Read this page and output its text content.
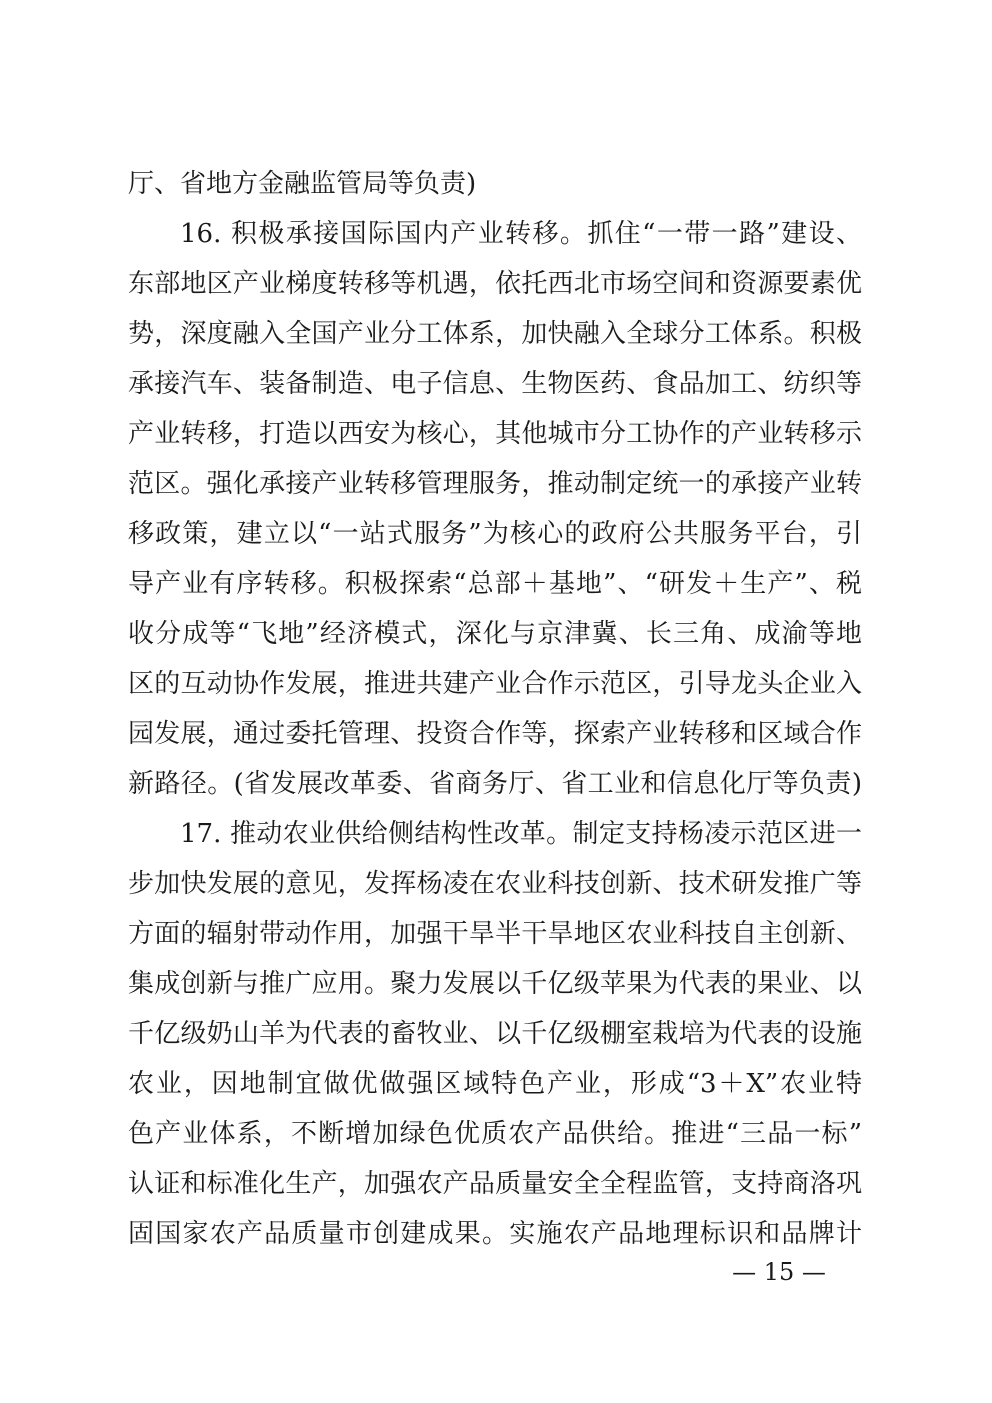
厅、省地方金融监管局等负责)
16. 积极承接国际国内产业转移。抓住“一带一路”建设、
东部地区产业梯度转移等机遇，依托西北市场空间和资源要素优
势，深度融入全国产业分工体系，加快融入全球分工体系。积极
承接汽车、装备制造、电子信息、生物医药、食品加工、纺织等
产业转移，打造以西安为核心，其他城市分工协作的产业转移示
范区。强化承接产业转移管理服务，推动制定统一的承接产业转
移政策，建立以“一站式服务”为核心的政府公共服务平台，引
导产业有序转移。积极探索“总部＋基地”、“研发＋生产”、税
收分成等“飞地”经济模式，深化与京津冀、长三角、成渝等地
区的互动协作发展，推进共建产业合作示范区，引导龙头企业入
园发展，通过委托管理、投资合作等，探索产业转移和区域合作
新路径。(省发展改革委、省商务厅、省工业和信息化厅等负责)
17. 推动农业供给侧结构性改革。制定支持杨凌示范区进一
步加快发展的意见，发挥杨凌在农业科技创新、技术研发推广等
方面的辐射带动作用，加强干旱半干旱地区农业科技自主创新、
集成创新与推广应用。聚力发展以千亿级苹果为代表的果业、以
千亿级奶山羊为代表的畜牧业、以千亿级棚室栽培为代表的设施
农业，因地制宜做优做强区域特色产业，形成“3＋X”农业特
色产业体系，不断增加绿色优质农产品供给。推进“三品一标”
认证和标准化生产，加强农产品质量安全全程监管，支持商洛巩
固国家农产品质量市创建成果。实施农产品地理标识和品牌计
— 15 —
